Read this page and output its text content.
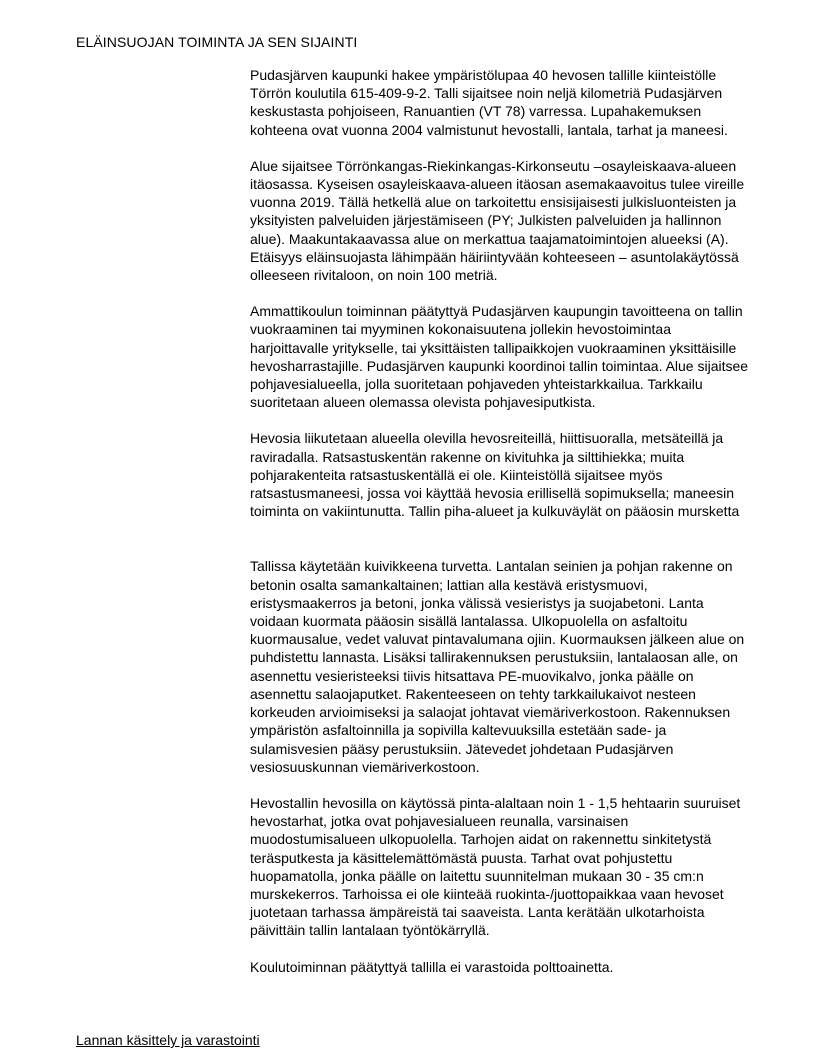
ELÄINSUOJAN TOIMINTA JA SEN SIJAINTI

Pudasjärven kaupunki hakee ympäristölupaa 40 hevosen tallille kiinteistölle Törrön koulutila 615-409-9-2. Talli sijaitsee noin neljä kilometriä Pudasjärven keskustasta pohjoiseen, Ranuantien (VT 78) varressa. Lupahakemuksen kohteena ovat vuonna 2004 valmistunut hevostalli, lantala, tarhat ja maneesi.

Alue sijaitsee Törrönkangas-Riekinkangas-Kirkonseutu –osayleiskaava-alueen itäosassa. Kyseisen osayleiskaava-alueen itäosan asemakaavoitus tulee vireille vuonna 2019. Tällä hetkellä alue on tarkoitettu ensisijaisesti julkisluonteisten ja yksityisten palveluiden järjestämiseen (PY; Julkisten palveluiden ja hallinnon alue). Maakuntakaavassa alue on merkattua taajamatoimintojen alueeksi (A). Etäisyys eläinsuojasta lähimpään häiriintyvään kohteeseen – asuntolakäytössä olleeseen rivitaloon, on noin 100 metriä.

Ammattikoulun toiminnan päätyttyä Pudasjärven kaupungin tavoitteena on tallin vuokraaminen tai myyminen kokonaisuutena jollekin hevostoimintaa harjoittavalle yritykselle, tai yksittäisten tallipaikkojen vuokraaminen yksittäisille hevosharrastajille. Pudasjärven kaupunki koordinoi tallin toimintaa. Alue sijaitsee pohjavesialueella, jolla suoritetaan pohjaveden yhteistarkkailua. Tarkkailu suoritetaan alueen olemassa olevista pohjavesiputkista.

Hevosia liikutetaan alueella olevilla hevosreiteillä, hiittisuoralla, metsäteillä ja raviradalla. Ratsastuskentän rakenne on kivituhka ja silttihiekka; muita pohjarakenteita ratsastuskentällä ei ole. Kiinteistöllä sijaitsee myös ratsastusmaneesi, jossa voi käyttää hevosia erillisellä sopimuksella; maneesin toiminta on vakiintunutta. Tallin piha-alueet ja kulkuväylät on pääosin mursketta

Tallissa käytetään kuivikkeena turvetta. Lantalan seinien ja pohjan rakenne on betonin osalta samankaltainen; lattian alla kestävä eristysmuovi, eristysmaakerros ja betoni, jonka välissä vesieristys ja suojabetoni. Lanta voidaan kuormata pääosin sisällä lantalassa. Ulkopuolella on asfaltoitu kuormausalue, vedet valuvat pintavalumana ojiin. Kuormauksen jälkeen alue on puhdistettu lannasta. Lisäksi tallirakennuksen perustuksiin, lantalaosan alle, on asennettu vesieristeeksi tiivis hitsattava PE-muovikalvo, jonka päälle on asennettu salaojaputket. Rakenteeseen on tehty tarkkailukaivot nesteen korkeuden arvioimiseksi ja salaojat johtavat viemäriverkostoon. Rakennuksen ympäristön asfaltoinnilla ja sopivilla kaltevuuksilla estetään sade- ja sulamisvesien pääsy perustuksiin. Jätevedet johdetaan Pudasjärven vesiosuuskunnan viemäriverkostoon.

Hevostallin hevosilla on käytössä pinta-alaltaan noin 1 - 1,5 hehtaarin suuruiset hevostarhat, jotka ovat pohjavesialueen reunalla, varsinaisen muodostumisalueen ulkopuolella. Tarhojen aidat on rakennettu sinkitetystä teräsputkesta ja käsittelemättömästä puusta. Tarhat ovat pohjustettu huopamatolla, jonka päälle on laitettu suunnitelman mukaan 30 - 35 cm:n murskekerros. Tarhoissa ei ole kiinteää ruokinta-/juottopaikkaa vaan hevoset juotetaan tarhassa ämpäreistä tai saaveista. Lanta kerätään ulkotarhoista päivittäin tallin lantalaan työntökärryllä.

Koulutoiminnan päätyttyä tallilla ei varastoida polttoainetta.

Lannan käsittely ja varastointi
